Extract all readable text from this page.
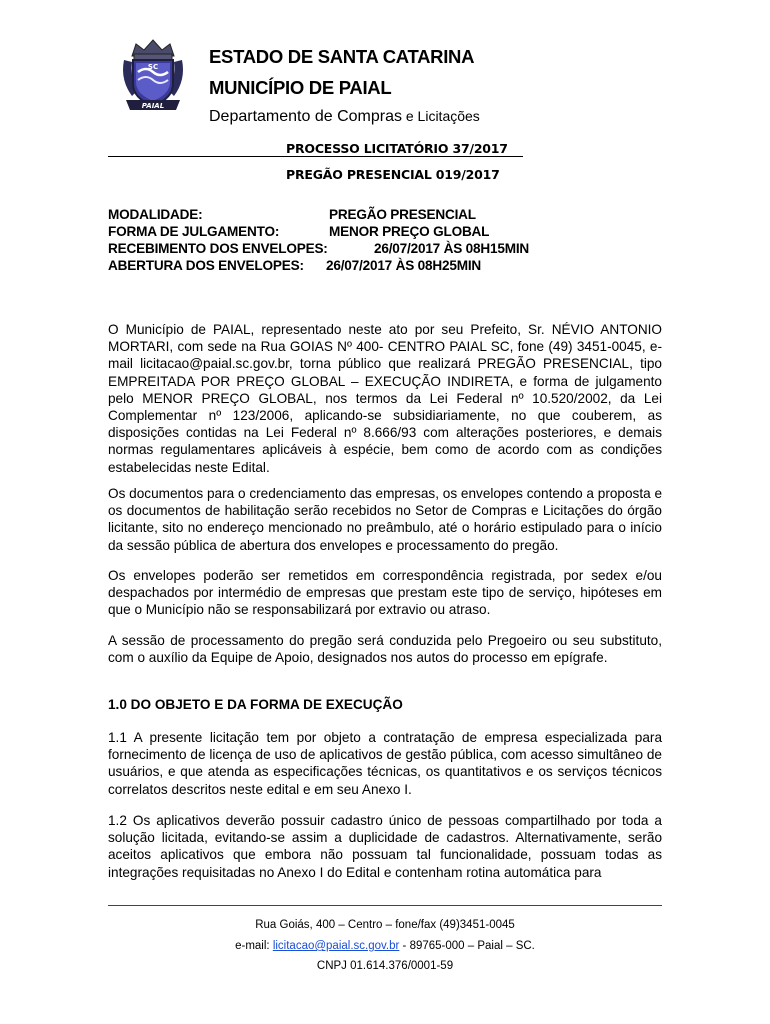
SC
PAIAL
ESTADO DE SANTA CATARINA
MUNICÍPIO DE PAIAL
Departamento de Compras e Licitações
PROCESSO LICITATÓRIO 37/2017
PREGÃO PRESENCIAL 019/2017
MODALIDADE:	PREGÃO PRESENCIAL
FORMA DE JULGAMENTO:	MENOR PREÇO GLOBAL
RECEBIMENTO DOS ENVELOPES:	26/07/2017 ÀS 08H15MIN
ABERTURA DOS ENVELOPES: 26/07/2017 ÀS 08H25MIN
O Município de PAIAL, representado neste ato por seu Prefeito, Sr. NÉVIO ANTONIO MORTARI, com sede na Rua GOIAS Nº 400- CENTRO PAIAL SC, fone (49) 3451-0045, e-mail licitacao@paial.sc.gov.br, torna público que realizará PREGÃO PRESENCIAL, tipo EMPREITADA POR PREÇO GLOBAL – EXECUÇÃO INDIRETA, e forma de julgamento pelo MENOR PREÇO GLOBAL, nos termos da Lei Federal nº 10.520/2002, da Lei Complementar nº 123/2006, aplicando-se subsidiariamente, no que couberem, as disposições contidas na Lei Federal nº 8.666/93 com alterações posteriores, e demais normas regulamentares aplicáveis à espécie, bem como de acordo com as condições estabelecidas neste Edital.
Os documentos para o credenciamento das empresas, os envelopes contendo a proposta e os documentos de habilitação serão recebidos no Setor de Compras e Licitações do órgão licitante, sito no endereço mencionado no preâmbulo, até o horário estipulado para o início da sessão pública de abertura dos envelopes e processamento do pregão.
Os envelopes poderão ser remetidos em correspondência registrada, por sedex e/ou despachados por intermédio de empresas que prestam este tipo de serviço, hipóteses em que o Município não se responsabilizará por extravio ou atraso.
A sessão de processamento do pregão será conduzida pelo Pregoeiro ou seu substituto, com o auxílio da Equipe de Apoio, designados nos autos do processo em epígrafe.
1.0 DO OBJETO E DA FORMA DE EXECUÇÃO
1.1 A presente licitação tem por objeto a contratação de empresa especializada para fornecimento de licença de uso de aplicativos de gestão pública, com acesso simultâneo de usuários, e que atenda as especificações técnicas, os quantitativos e os serviços técnicos correlatos descritos neste edital e em seu Anexo I.
1.2 Os aplicativos deverão possuir cadastro único de pessoas compartilhado por toda a solução licitada, evitando-se assim a duplicidade de cadastros. Alternativamente, serão aceitos aplicativos que embora não possuam tal funcionalidade, possuam todas as integrações requisitadas no Anexo I do Edital e contenham rotina automática para
Rua Goiás, 400 – Centro – fone/fax (49)3451-0045
e-mail: licitacao@paial.sc.gov.br - 89765-000 – Paial – SC.
CNPJ 01.614.376/0001-59
